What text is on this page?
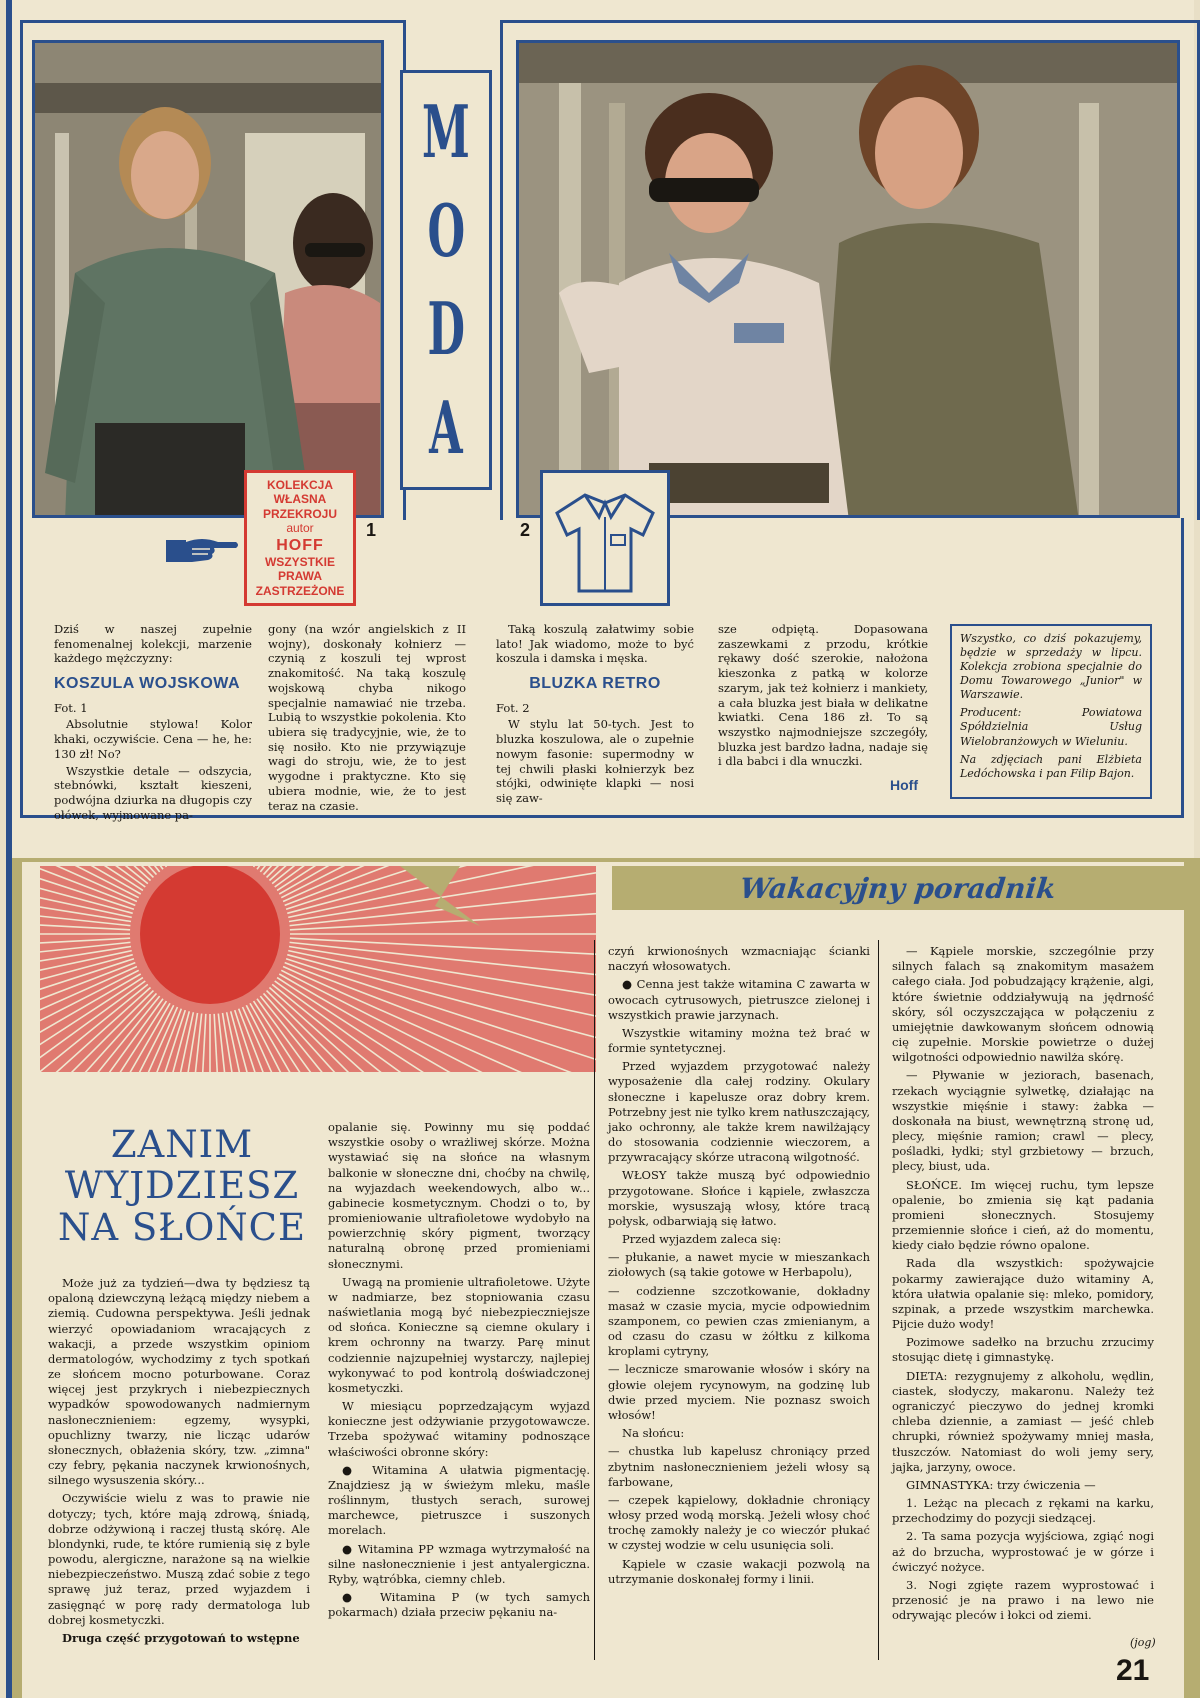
M
O
D
A
KOLEKCJA
WŁASNA
PRZEKROJU
autor
HOFF
WSZYSTKIE
PRAWA
ZASTRZEŻONE
1	2

Dziś w naszej zupełnie fenomenalnej kolekcji, marzenie każdego mężczyzny:

KOSZULA WOJSKOWA

Fot. 1

Absolutnie stylowa! Kolor khaki, oczywiście. Cena — he, he: 130 zł! No?

Wszystkie detale — odszycia, stebnówki, kształt kieszeni, podwójna dziurka na długopis czy ołówek, wyjmowane pa-

gony (na wzór angielskich z II wojny), doskonały kołnierz — czynią z koszuli tej wprost znakomitość. Na taką koszulę wojskową chyba nikogo specjalnie namawiać nie trzeba. Lubią to wszystkie pokolenia. Kto ubiera się tradycyjnie, wie, że to się nosiło. Kto nie przywiązuje wagi do stroju, wie, że to jest wygodne i praktyczne. Kto się ubiera modnie, wie, że to jest teraz na czasie.

Taką koszulą załatwimy sobie lato! Jak wiadomo, może to być koszula i damska i męska.

BLUZKA RETRO

Fot. 2

W stylu lat 50-tych. Jest to bluzka koszulowa, ale o zupełnie nowym fasonie: supermodny w tej chwili płaski kołnierzyk bez stójki, odwinięte klapki — nosi się zaw-

sze odpiętą. Dopasowana zaszewkami z przodu, krótkie rękawy dość szerokie, nałożona kieszonka z patką w kolorze szarym, jak też kołnierz i mankiety, a cała bluzka jest biała w delikatne kwiatki. Cena 186 zł. To są wszystko najmodniejsze szczegóły, bluzka jest bardzo ładna, nadaje się i dla babci i dla wnuczki.

Hoff

Wszystko, co dziś pokazujemy, będzie w sprzedaży w lipcu. Kolekcja zrobiona specjalnie do Domu Towarowego „Junior" w Warszawie.

Producent: Powiatowa Spółdzielnia Usług Wielobranżowych w Wieluniu.

Na zdjęciach pani Elżbieta Ledóchowska i pan Filip Bajon.

Wakacyjny poradnik
ZANIM
WYJDZIESZ
NA SŁOŃCE

Może już za tydzień—dwa ty będziesz tą opaloną dziewczyną leżącą między niebem a ziemią. Cudowna perspektywa. Jeśli jednak wierzyć opowiadaniom wracających z wakacji, a przede wszystkim opiniom dermatologów, wychodzimy z tych spotkań ze słońcem mocno poturbowane. Coraz więcej jest przykrych i niebezpiecznych wypadków spowodowanych nadmiernym nasłonecznieniem: egzemy, wysypki, opuchlizny twarzy, nie licząc udarów słonecznych, obłażenia skóry, tzw. „zimna" czy febry, pękania naczynek krwionośnych, silnego wysuszenia skóry...

Oczywiście wielu z was to prawie nie dotyczy; tych, które mają zdrową, śniadą, dobrze odżywioną i raczej tłustą skórę. Ale blondynki, rude, te które rumienią się z byle powodu, alergiczne, narażone są na wielkie niebezpieczeństwo. Muszą zdać sobie z tego sprawę już teraz, przed wyjazdem i zasięgnąć w porę rady dermatologa lub dobrej kosmetyczki.

Druga część przygotowań to wstępne

opalanie się. Powinny mu się poddać wszystkie osoby o wrażliwej skórze. Można wystawiać się na słońce na własnym balkonie w słoneczne dni, choćby na chwilę, na wyjazdach weekendowych, albo w... gabinecie kosmetycznym. Chodzi o to, by promieniowanie ultrafioletowe wydobyło na powierzchnię skóry pigment, tworzący naturalną obronę przed promieniami słonecznymi.

Uwagą na promienie ultrafioletowe. Użyte w nadmiarze, bez stopniowania czasu naświetlania mogą być niebezpieczniejsze od słońca. Konieczne są ciemne okulary i krem ochronny na twarzy. Parę minut codziennie najzupełniej wystarczy, najlepiej wykonywać to pod kontrolą doświadczonej kosmetyczki.

W miesiącu poprzedzającym wyjazd konieczne jest odżywianie przygotowawcze. Trzeba spożywać witaminy podnoszące właściwości obronne skóry:

● Witamina A ułatwia pigmentację. Znajdziesz ją w świeżym mleku, maśle roślinnym, tłustych serach, surowej marchewce, pietruszce i suszonych morelach.

● Witamina PP wzmaga wytrzymałość na silne nasłonecznienie i jest antyalergiczna. Ryby, wątróbka, ciemny chleb.

● Witamina P (w tych samych pokarmach) działa przeciw pękaniu na-

czyń krwionośnych wzmacniając ścianki naczyń włosowatych.

● Cenna jest także witamina C zawarta w owocach cytrusowych, pietruszce zielonej i wszystkich prawie jarzynach.

Wszystkie witaminy można też brać w formie syntetycznej.

Przed wyjazdem przygotować należy wyposażenie dla całej rodziny. Okulary słoneczne i kapelusze oraz dobry krem. Potrzebny jest nie tylko krem natłuszczający, jako ochronny, ale także krem nawilżający do stosowania codziennie wieczorem, a przywracający skórze utraconą wilgotność.

WŁOSY także muszą być odpowiednio przygotowane. Słońce i kąpiele, zwłaszcza morskie, wysuszają włosy, które tracą połysk, odbarwiają się łatwo.

Przed wyjazdem zaleca się:

— płukanie, a nawet mycie w mieszankach ziołowych (są takie gotowe w Herbapolu),

— codzienne szczotkowanie, dokładny masaż w czasie mycia, mycie odpowiednim szamponem, co pewien czas zmienianym, a od czasu do czasu w żółtku z kilkoma kroplami cytryny,

— lecznicze smarowanie włosów i skóry na głowie olejem rycynowym, na godzinę lub dwie przed myciem. Nie poznasz swoich włosów!

Na słońcu:

— chustka lub kapelusz chroniący przed zbytnim nasłonecznieniem jeżeli włosy są farbowane,

— czepek kąpielowy, dokładnie chroniący włosy przed wodą morską. Jeżeli włosy choć trochę zamokły należy je co wieczór płukać w czystej wodzie w celu usunięcia soli.

Kąpiele w czasie wakacji pozwolą na utrzymanie doskonałej formy i linii.

— Kąpiele morskie, szczególnie przy silnych falach są znakomitym masażem całego ciała. Jod pobudzający krążenie, algi, które świetnie oddziaływują na jędrność skóry, sól oczyszczająca w połączeniu z umiejętnie dawkowanym słońcem odnowią cię zupełnie. Morskie powietrze o dużej wilgotności odpowiednio nawilża skórę.

— Pływanie w jeziorach, basenach, rzekach wyciągnie sylwetkę, działając na wszystkie mięśnie i stawy: żabka — doskonała na biust, wewnętrzną stronę ud, plecy, mięśnie ramion; crawl — plecy, pośladki, łydki; styl grzbietowy — brzuch, plecy, biust, uda.

SŁOŃCE. Im więcej ruchu, tym lepsze opalenie, bo zmienia się kąt padania promieni słonecznych. Stosujemy przemiennie słońce i cień, aż do momentu, kiedy ciało będzie równo opalone.

Rada dla wszystkich: spożywajcie pokarmy zawierające dużo witaminy A, która ułatwia opalanie się: mleko, pomidory, szpinak, a przede wszystkim marchewka. Pijcie dużo wody!

Pozimowe sadełko na brzuchu zrzucimy stosując dietę i gimnastykę.

DIETA: rezygnujemy z alkoholu, wędlin, ciastek, słodyczy, makaronu. Należy też ograniczyć pieczywo do jednej kromki chleba dziennie, a zamiast — jeść chleb chrupki, również spożywamy mniej masła, tłuszczów. Natomiast do woli jemy sery, jajka, jarzyny, owoce.

GIMNASTYKA: trzy ćwiczenia —

1. Leżąc na plecach z rękami na karku, przechodzimy do pozycji siedzącej.

2. Ta sama pozycja wyjściowa, zgiąć nogi aż do brzucha, wyprostować je w górze i ćwiczyć nożyce.

3. Nogi zgięte razem wyprostować i przenosić je na prawo i na lewo nie odrywając pleców i łokci od ziemi.

(jog)
21
